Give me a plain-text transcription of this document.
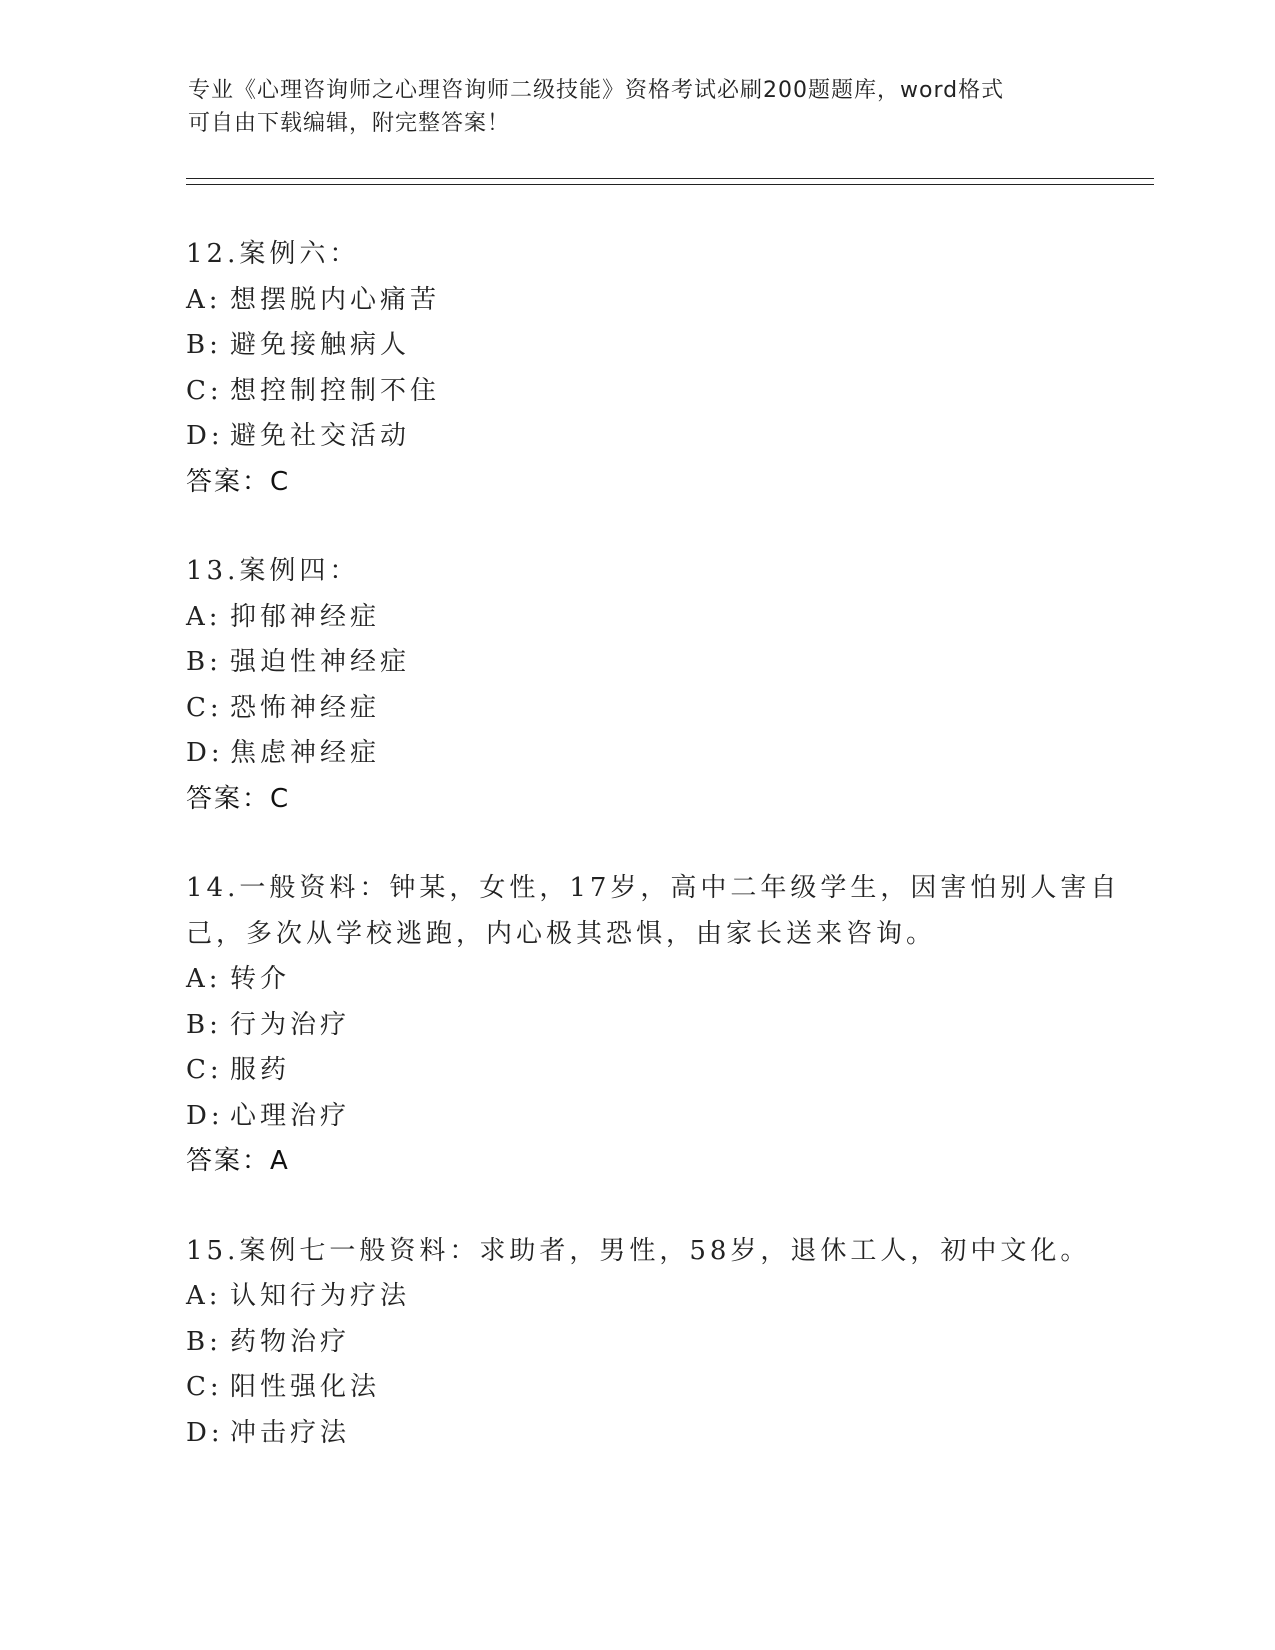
专业《心理咨询师之心理咨询师二级技能》资格考试必刷200题题库，word格式
可自由下载编辑，附完整答案！
12.案例六：
A: 想摆脱内心痛苦
B: 避免接触病人
C: 想控制控制不住
D: 避免社交活动
答案：C
13.案例四：
A: 抑郁神经症
B: 强迫性神经症
C: 恐怖神经症
D: 焦虑神经症
答案：C
14.一般资料：钟某，女性，17岁，高中二年级学生，因害怕别人害自
己，多次从学校逃跑，内心极其恐惧，由家长送来咨询。
A: 转介
B: 行为治疗
C: 服药
D: 心理治疗
答案：A
15.案例七一般资料：求助者，男性，58岁，退休工人，初中文化。
A: 认知行为疗法
B: 药物治疗
C: 阳性强化法
D: 冲击疗法
